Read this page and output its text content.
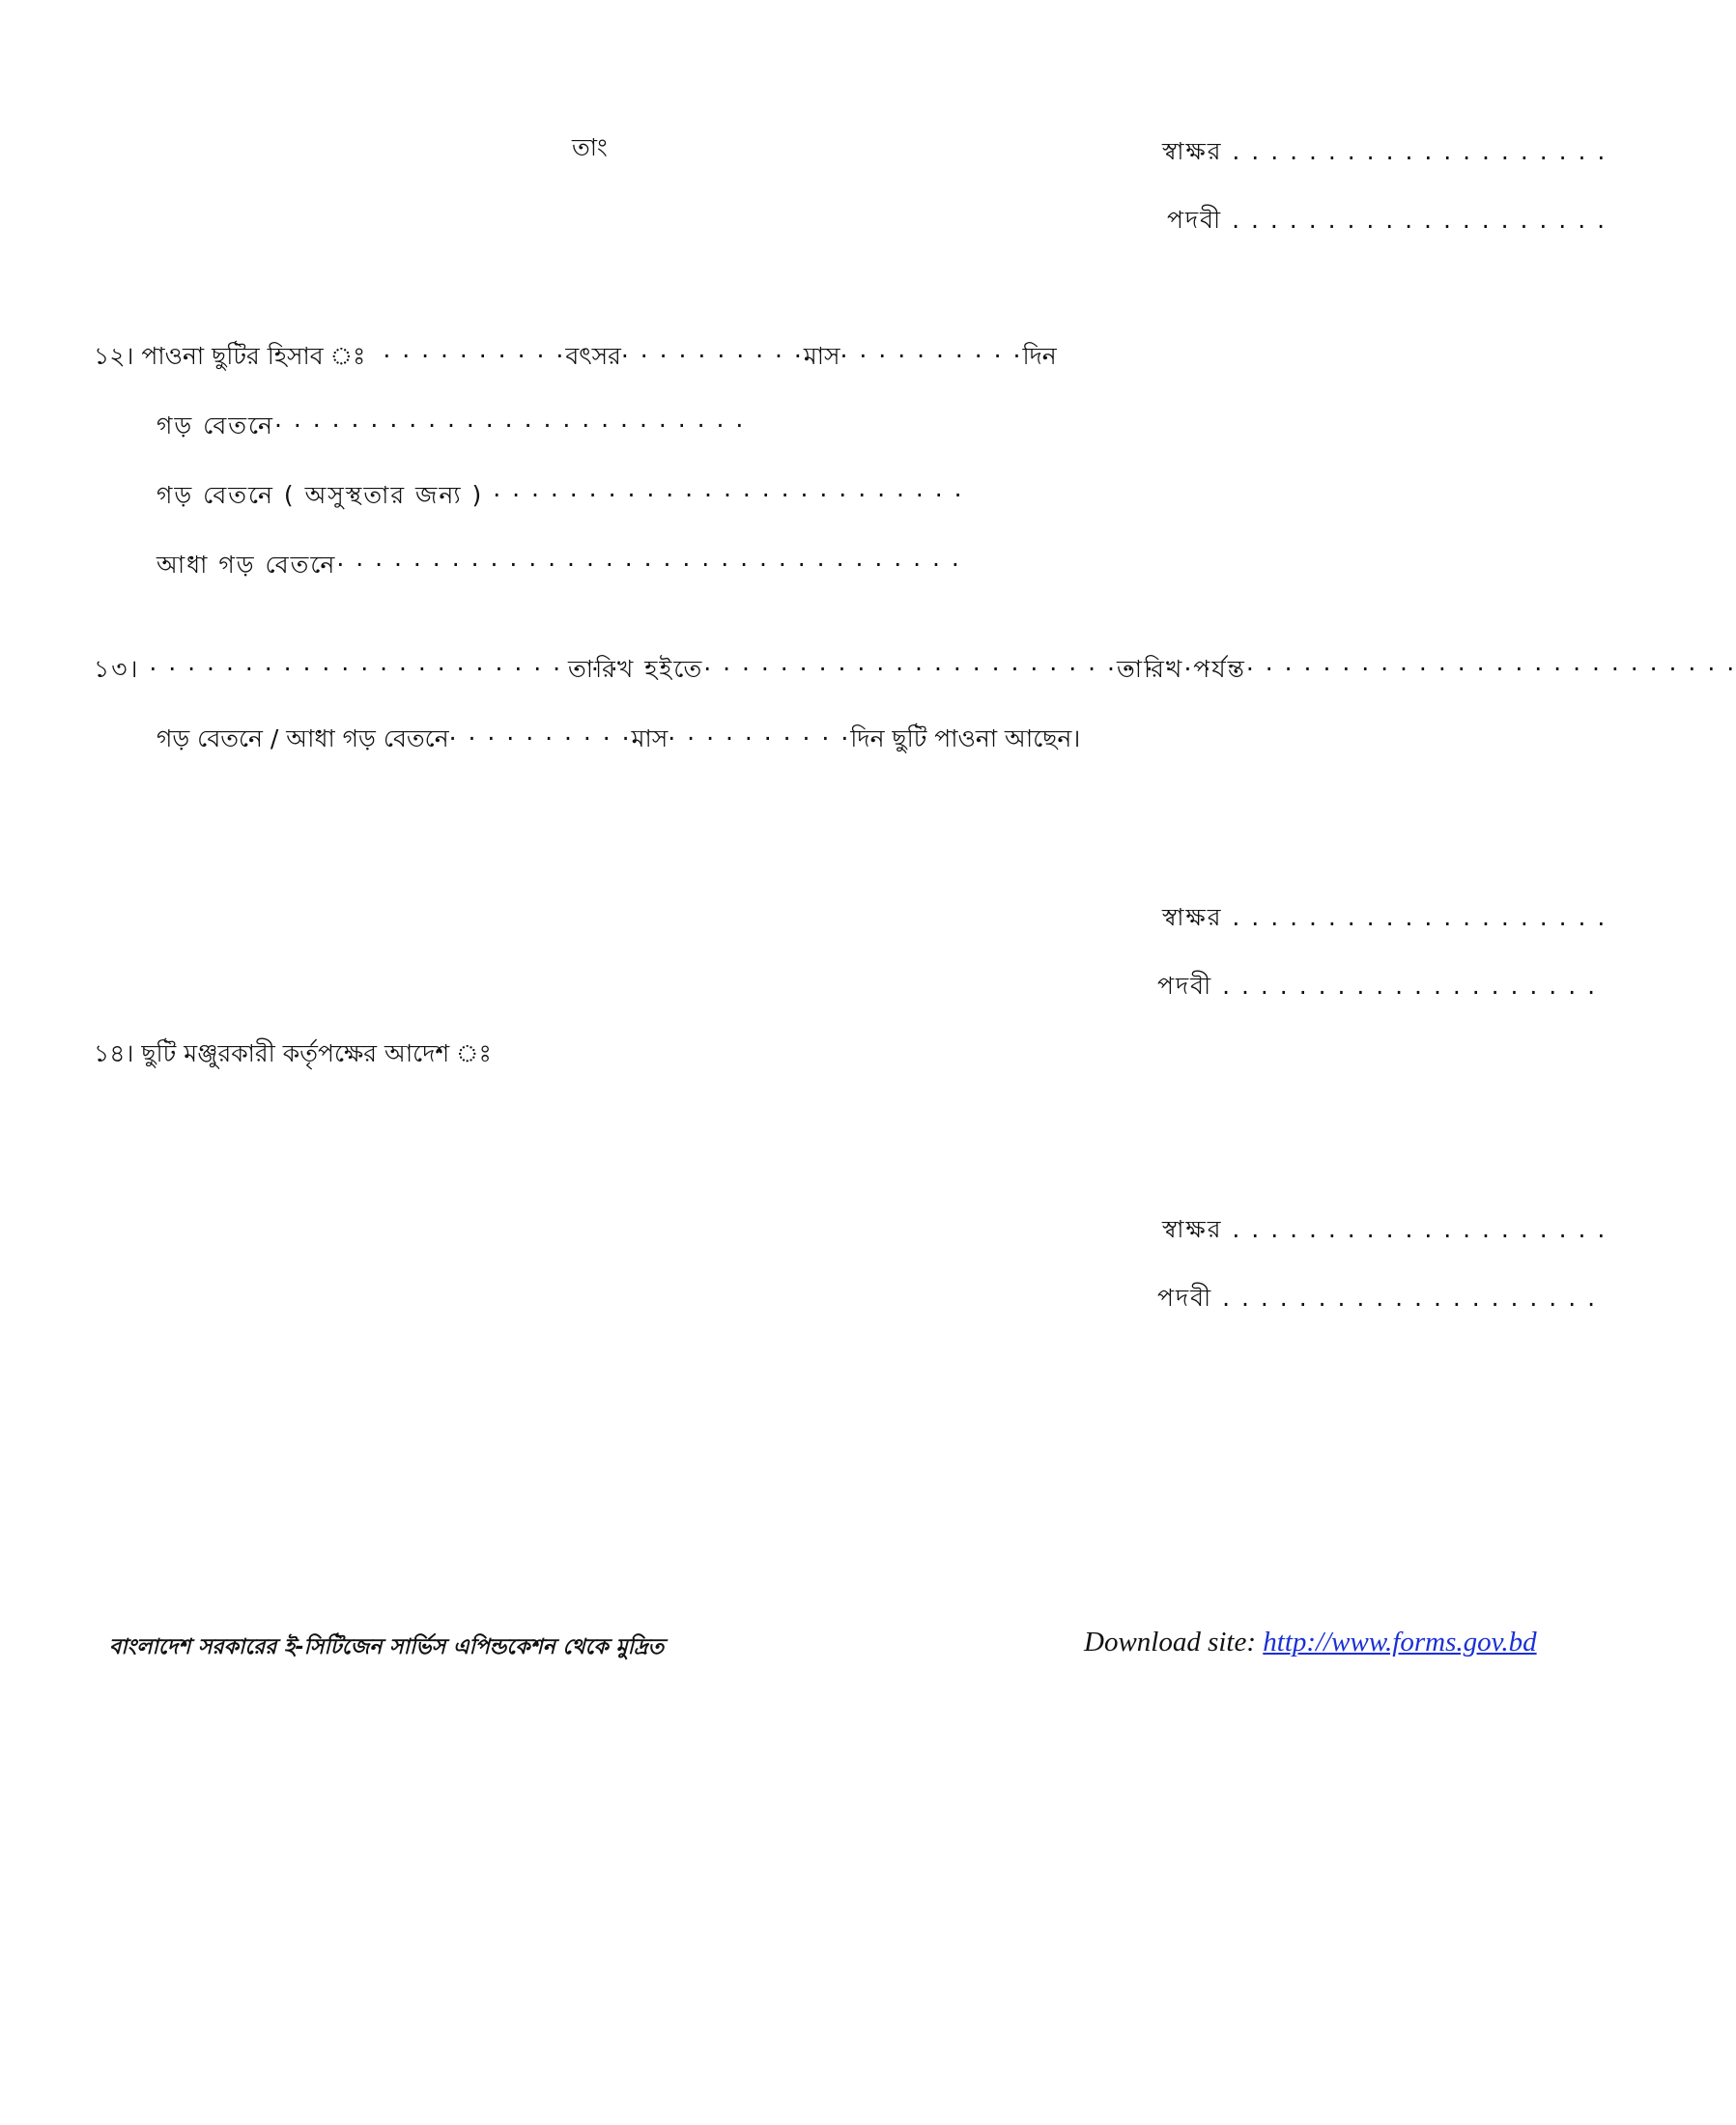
তাং	স্বাক্ষর . . . . . . . . . . . . . . . . . . . .
পদবী . . . . . . . . . . . . . . . . . . . .
১২। পাওনা ছুটির হিসাব ঃ · · · · · · · · · ·বৎসর· · · · · · · · · ·মাস· · · · · · · · · ·দিন
গড় বেতনে· · · · · · · · · · · · · · · · · · · · · · · · ·
গড় বেতনে ( অসুস্থতার জন্য ) · · · · · · · · · · · · · · · · · · · · · · · · ·
আধা গড় বেতনে· · · · · · · · · · · · · · · · · · · · · · · · · · · · · · · · ·
১৩। · · · · · · · · · · · · · · · · · · · · · · · · ·
তারিখ হইতে· · · · · · · · · · · · · · · · · · · · · · · · · · ·
তারিখ পর্যন্ত· · · · · · · · · · · · · · · · · · · · · · · · · ·
গড় বেতনে / আধা গড় বেতনে· · · · · · · · · ·মাস· · · · · · · · · ·দিন ছুটি পাওনা আছেন।
স্বাক্ষর . . . . . . . . . . . . . . . . . . . .
পদবী . . . . . . . . . . . . . . . . . . . .
১৪। ছুটি মঞ্জুরকারী কর্তৃপক্ষের আদেশ ঃ
স্বাক্ষর . . . . . . . . . . . . . . . . . . . .
পদবী . . . . . . . . . . . . . . . . . . . .
বাংলাদেশ সরকারের ই-সিটিজেন সার্ভিস এপিন্ডকেশন থেকে মুদ্রিত	Download site: http://www.forms.gov.bd
